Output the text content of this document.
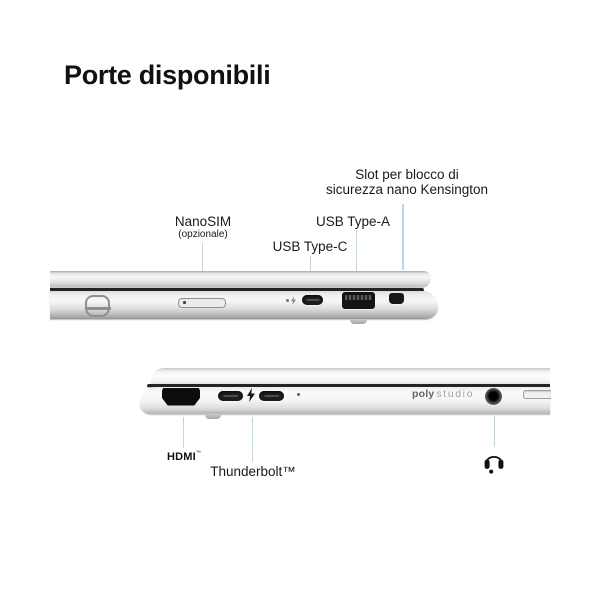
Porte disponibili
Slot per blocco di
sicurezza nano Kensington
USB Type-A
USB Type-C
NanoSIM
(opzionale)
poly studio
HDMI™
Thunderbolt™
